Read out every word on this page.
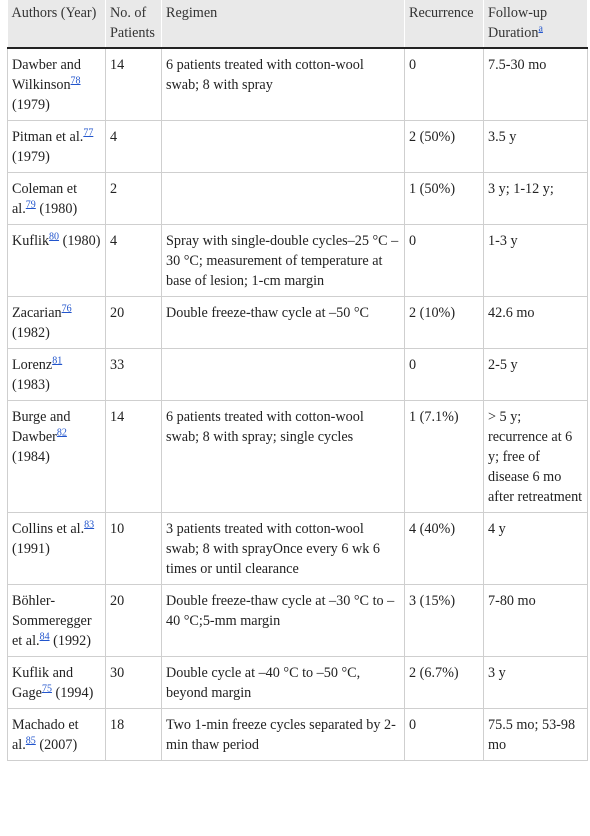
Authors (Year)	No. of Patients	Regimen	Recurrence	Follow-up Duration$^a$
Dawber and Wilkinson$^{78}$ (1979)	14	6 patients treated with cotton-wool swab; 8 with spray	0	7.5-30 mo
Pitman et al.$^{77}$ (1979)	4		2 (50%)	3.5 y
Coleman et al.$^{79}$ (1980)	2		1 (50%)	3 y; 1-12 y;
Kuflik$^{80}$ (1980)	4	Spray with single-double cycles–25 °C –30 °C; measurement of temperature at base of lesion; 1-cm margin	0	1-3 y
Zacarian$^{76}$ (1982)	20	Double freeze-thaw cycle at –50 °C	2 (10%)	42.6 mo
Lorenz$^{81}$ (1983)	33		0	2-5 y
Burge and Dawber$^{82}$ (1984)	14	6 patients treated with cotton-wool swab; 8 with spray; single cycles	1 (7.1%)	> 5 y; recurrence at 6 y; free of disease 6 mo after retreatment
Collins et al.$^{83}$ (1991)	10	3 patients treated with cotton-wool swab; 8 with sprayOnce every 6 wk 6 times or until clearance	4 (40%)	4 y
Böhler-Sommeregger et al.$^{84}$ (1992)	20	Double freeze-thaw cycle at –30 °C to –40 °C;5-mm margin	3 (15%)	7-80 mo
Kuflik and Gage$^{75}$ (1994)	30	Double cycle at –40 °C to –50 °C, beyond margin	2 (6.7%)	3 y
Machado et al.$^{85}$ (2007)	18	Two 1-min freeze cycles separated by 2-min thaw period	0	75.5 mo; 53-98 mo
